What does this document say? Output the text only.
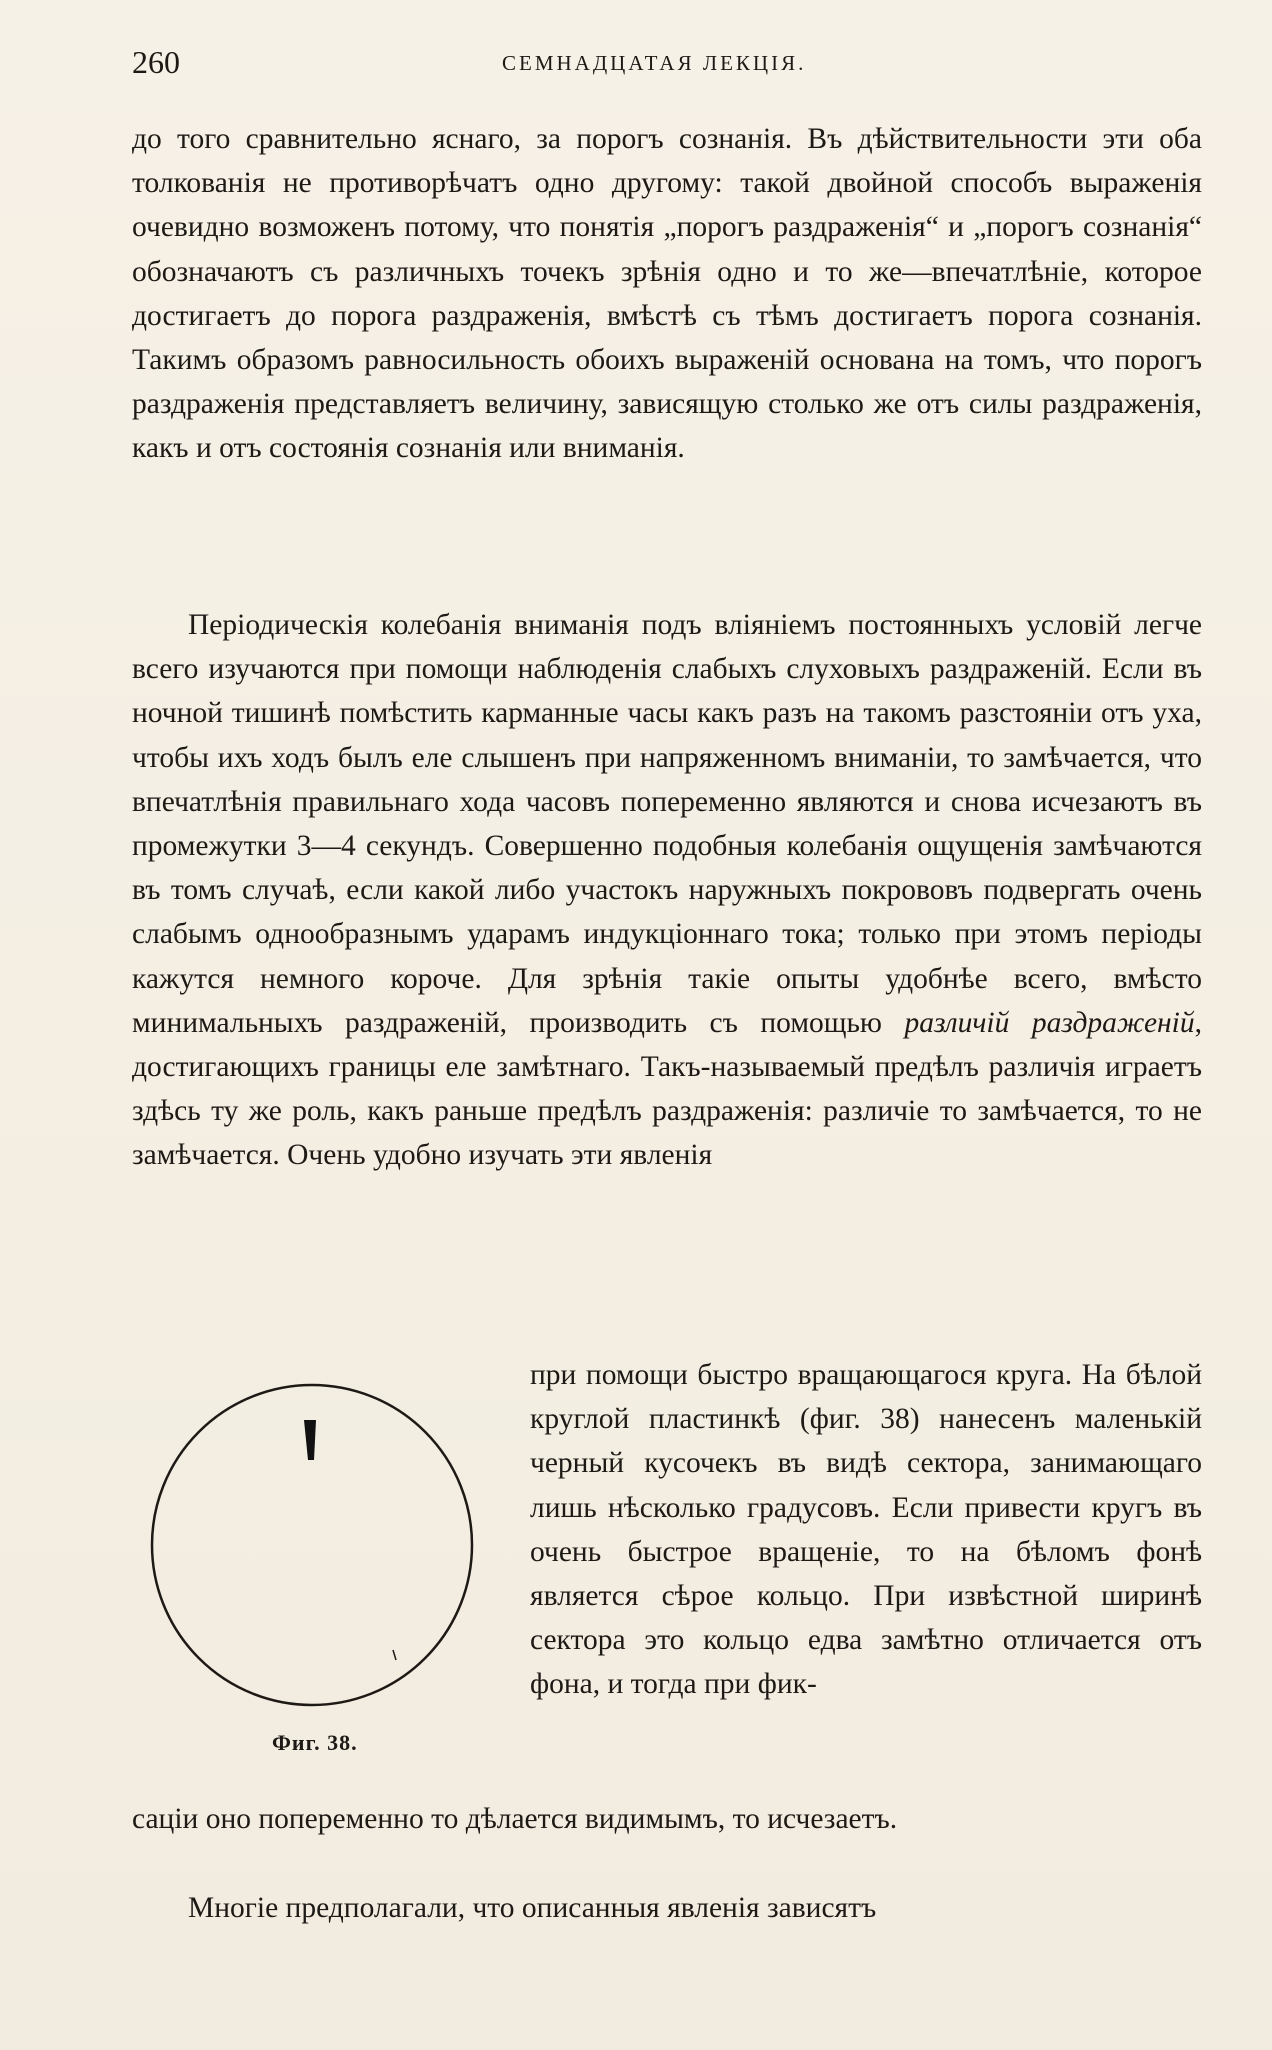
260	СЕМНАДЦАТАЯ ЛЕКЦІЯ.

до того сравнительно яснаго, за порогъ сознанія. Въ дѣйствительности эти оба толкованія не противорѣчатъ одно другому: такой двойной способъ выраженія очевидно возможенъ потому, что понятія „порогъ раздраженія“ и „порогъ сознанія“ обозначаютъ съ различныхъ точекъ зрѣнія одно и то же—впечатлѣніе, которое достигаетъ до порога раздраженія, вмѣстѣ съ тѣмъ достигаетъ порога сознанія. Такимъ образомъ равносильность обоихъ выраженій основана на томъ, что порогъ раздраженія представляетъ величину, зависящую столько же отъ силы раздраженія, какъ и отъ состоянія сознанія или вниманія.

Періодическія колебанія вниманія подъ вліяніемъ постоянныхъ условій легче всего изучаются при помощи наблюденія слабыхъ слуховыхъ раздраженій. Если въ ночной тишинѣ помѣстить карманные часы какъ разъ на такомъ разстояніи отъ уха, чтобы ихъ ходъ былъ еле слышенъ при напряженномъ вниманіи, то замѣчается, что впечатлѣнія правильнаго хода часовъ попеременно являются и снова исчезаютъ въ промежутки 3—4 секундъ. Совершенно подобныя колебанія ощущенія замѣчаются въ томъ случаѣ, если какой либо участокъ наружныхъ покрововъ подвергать очень слабымъ однообразнымъ ударамъ индукціоннаго тока; только при этомъ періоды кажутся немного короче. Для зрѣнія такіе опыты удобнѣе всего, вмѣсто минимальныхъ раздраженій, производить съ помощью различій раздраженій, достигающихъ границы еле замѣтнаго. Такъ-называемый предѣлъ различія играетъ здѣсь ту же роль, какъ раньше предѣлъ раздраженія: различіе то замѣчается, то не замѣчается. Очень удобно изучать эти явленія

Фиг. 38.

при помощи быстро вращающагося круга. На бѣлой круглой пластинкѣ (фиг. 38) нанесенъ маленькій черный кусочекъ въ видѣ сектора, занимающаго лишь нѣсколько градусовъ. Если привести кругъ въ очень быстрое вращеніе, то на бѣломъ фонѣ является сѣрое кольцо. При извѣстной ширинѣ сектора это кольцо едва замѣтно отличается отъ фона, и тогда при фик-

саціи оно попеременно то дѣлается видимымъ, то исчезаетъ.

Многіе предполагали, что описанныя явленія зависятъ
